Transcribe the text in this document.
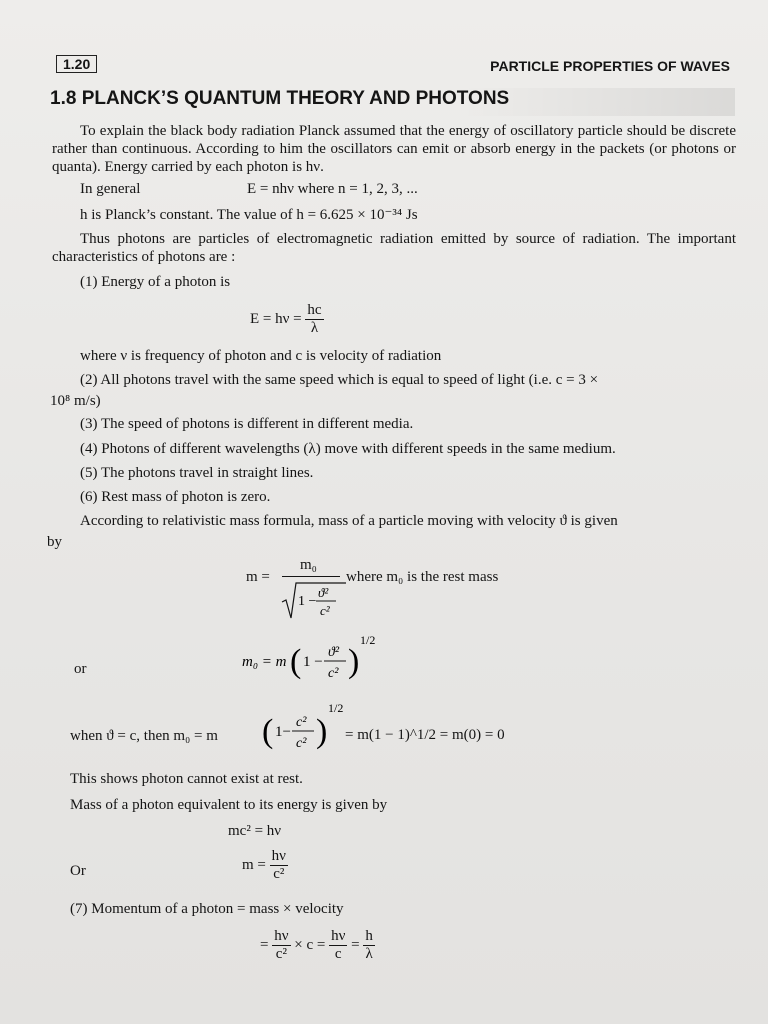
1.20	PARTICLE PROPERTIES OF WAVES
1.8 PLANCK’S QUANTUM THEORY AND PHOTONS
To explain the black body radiation Planck assumed that the energy of oscillatory particle should be discrete rather than continuous. According to him the oscillators can emit or absorb energy in the packets (or photons or quanta). Energy carried by each photon is hν.
In general	E = nhν where n = 1, 2, 3, ...
h is Planck’s constant. The value of h = 6.625 × 10⁻³⁴ Js
Thus photons are particles of electromagnetic radiation emitted by source of radiation. The important characteristics of photons are :
(1) Energy of a photon is
$E = h\nu = \frac{hc}{\lambda}$
where ν is frequency of photon and c is velocity of radiation
(2) All photons travel with the same speed which is equal to speed of light (i.e. c = 3 ×
10⁸ m/s)
(3) The speed of photons is different in different media.
(4) Photons of different wavelengths (λ) move with different speeds in the same medium.
(5) The photons travel in straight lines.
(6) Rest mass of photon is zero.
According to relativistic mass formula, mass of a particle moving with velocity ϑ is given
by
m =
m₀
1 −
ϑ²
c²
where m₀ is the rest mass
or	m₀ = m ( 1 −
ϑ²
c² )
1/2
when ϑ = c, then m₀ = m ( 1−
c²
c² )
1/2
= m(1 − 1)^1/2 = m(0) = 0
This shows photon cannot exist at rest.
Mass of a photon equivalent to its energy is given by
mc² = hν
Or	$m = \frac{h\nu}{\text{c²}}$
(7) Momentum of a photon = mass × velocity
= $\frac{h\nu}{\text{c²}} \times c = \frac{h\nu}{c} = \frac{h}{\lambda}$
